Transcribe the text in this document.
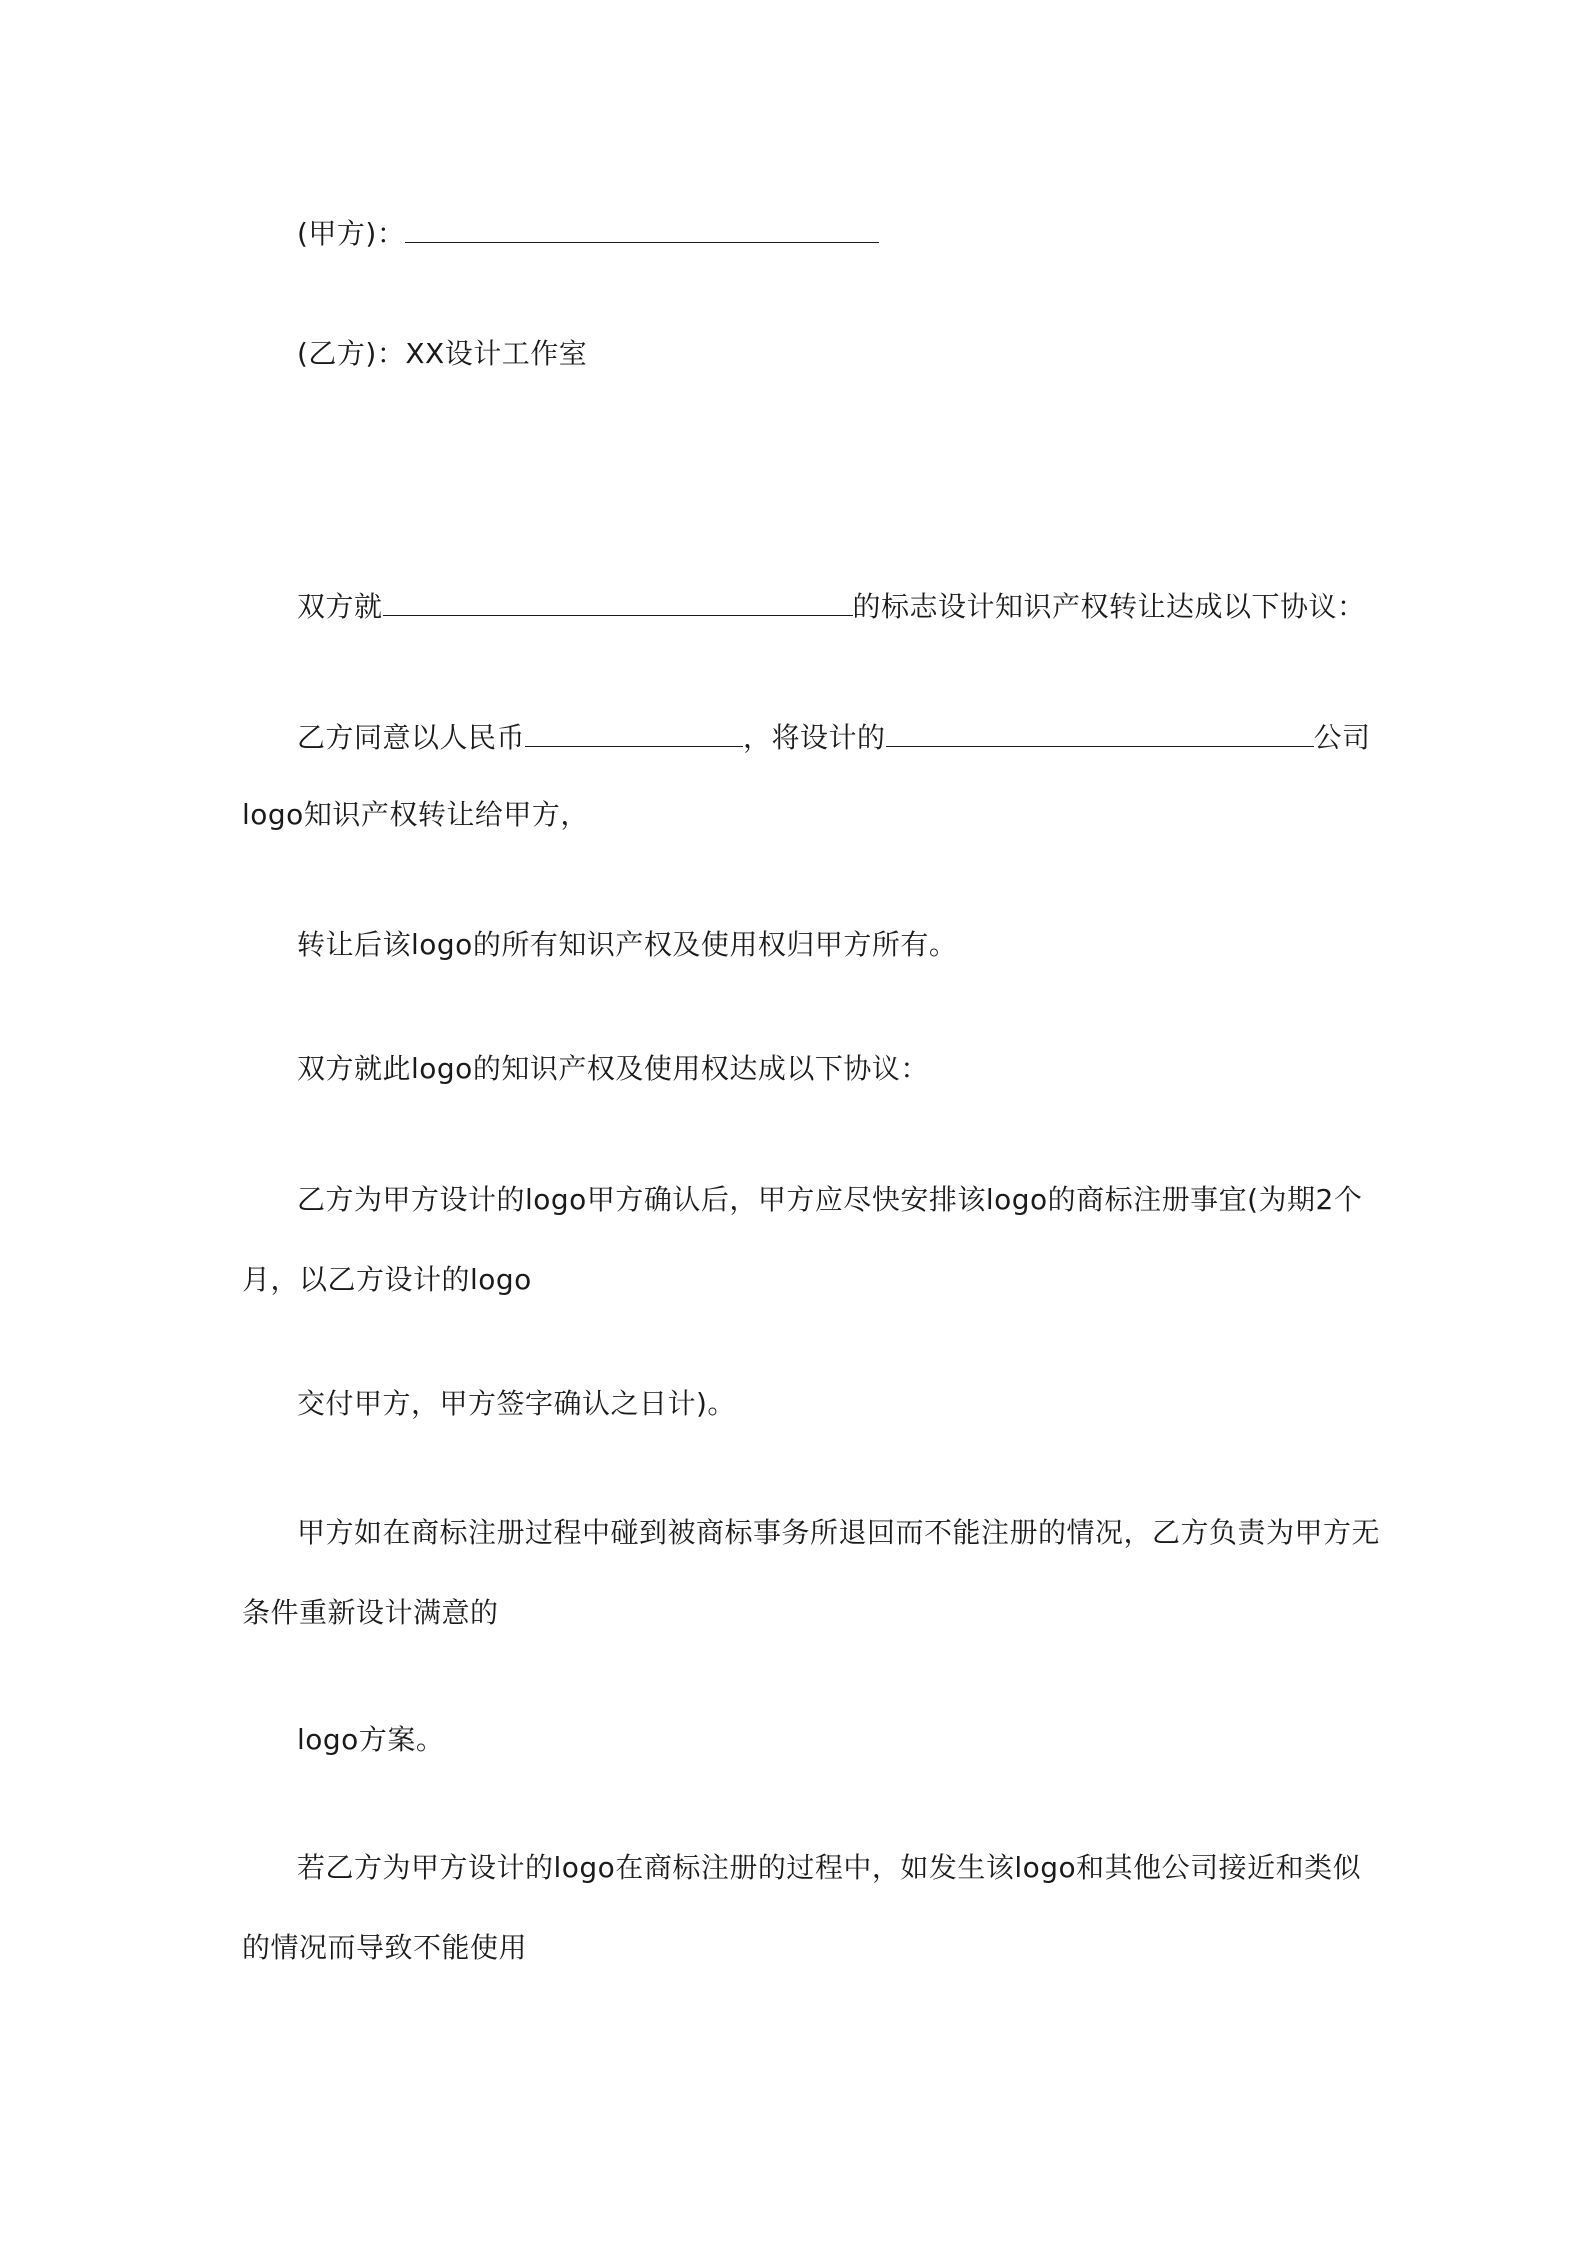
(甲方)：
(乙方)：XX设计工作室
双方就	的标志设计知识产权转让达成以下协议：
乙方同意以人民币	，将设计的	公司
logo知识产权转让给甲方，
转让后该logo的所有知识产权及使用权归甲方所有。
双方就此logo的知识产权及使用权达成以下协议：
乙方为甲方设计的logo甲方确认后，甲方应尽快安排该logo的商标注册事宜(为期2个
月，以乙方设计的logo
交付甲方，甲方签字确认之日计)。
甲方如在商标注册过程中碰到被商标事务所退回而不能注册的情况，乙方负责为甲方无
条件重新设计满意的
logo方案。
若乙方为甲方设计的logo在商标注册的过程中，如发生该logo和其他公司接近和类似
的情况而导致不能使用
